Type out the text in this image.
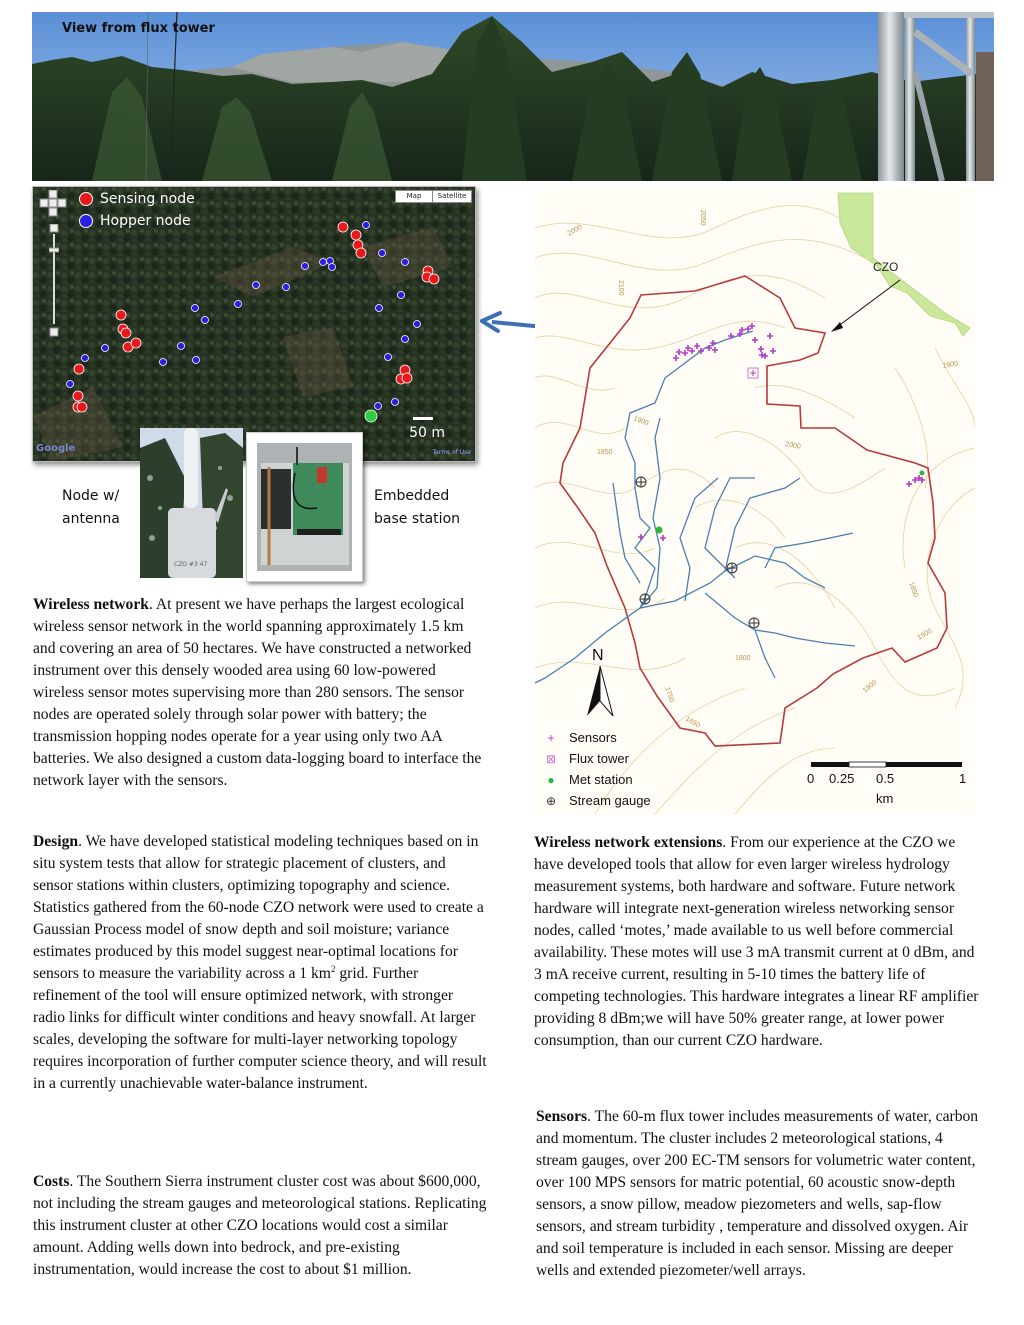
View from flux tower
Sensing node
Hopper node
Map	Satellite
50 m
Google	Terms of Use
CZO #3 47
Node w/
antenna
Embedded
base station
CZO
2050
2000
2100
1900
1850
2000
1900
1800
1850
1900
1750
1650
1900
N
+	Sensors
⊠ Flux tower
●	Met station
⊕ Stream gauge
0 0.25 0.5	1
km

Wireless network. At present we have perhaps the largest ecological wireless sensor network in the world spanning approximately 1.5 km and covering an area of 50 hectares. We have constructed a networked instrument over this densely wooded area using 60 low-powered wireless sensor motes supervising more than 280 sensors. The sensor nodes are operated solely through solar power with battery; the transmission hopping nodes operate for a year using only two AA batteries. We also designed a custom data-logging board to interface the network layer with the sensors.

Design. We have developed statistical modeling techniques based on in situ system tests that allow for strategic placement of clusters, and sensor stations within clusters, optimizing topography and science. Statistics gathered from the 60-node CZO network were used to create a Gaussian Process model of snow depth and soil moisture; variance estimates produced by this model suggest near-optimal locations for sensors to measure the variability across a 1 $km^2$ grid. Further refinement of the tool will ensure optimized network, with stronger radio links for difficult winter conditions and heavy snowfall. At larger scales, developing the software for multi-layer networking topology requires incorporation of further computer science theory, and will result in a currently unachievable water-balance instrument.

Costs. The Southern Sierra instrument cluster cost was about $600,000, not including the stream gauges and meteorological stations. Replicating this instrument cluster at other CZO locations would cost a similar amount. Adding wells down into bedrock, and pre-existing instrumentation, would increase the cost to about $1 million.

Wireless network extensions. From our experience at the CZO we have developed tools that allow for even larger wireless hydrology measurement systems, both hardware and software. Future network hardware will integrate next-generation wireless networking sensor nodes, called ‘motes,’ made available to us well before commercial availability. These motes will use 3 mA transmit current at 0 dBm, and 3 mA receive current, resulting in 5-10 times the battery life of competing technologies. This hardware integrates a linear RF amplifier providing 8 dBm;we will have 50% greater range, at lower power consumption, than our current CZO hardware.

Sensors. The 60-m flux tower includes measurements of water, carbon and momentum. The cluster includes 2 meteorological stations, 4 stream gauges, over 200 EC-TM sensors for volumetric water content, over 100 MPS sensors for matric potential, 60 acoustic snow-depth sensors, a snow pillow, meadow piezometers and wells, sap-flow sensors, and stream turbidity , temperature and dissolved oxygen. Air and soil temperature is included in each sensor. Missing are deeper wells and extended piezometer/well arrays.
